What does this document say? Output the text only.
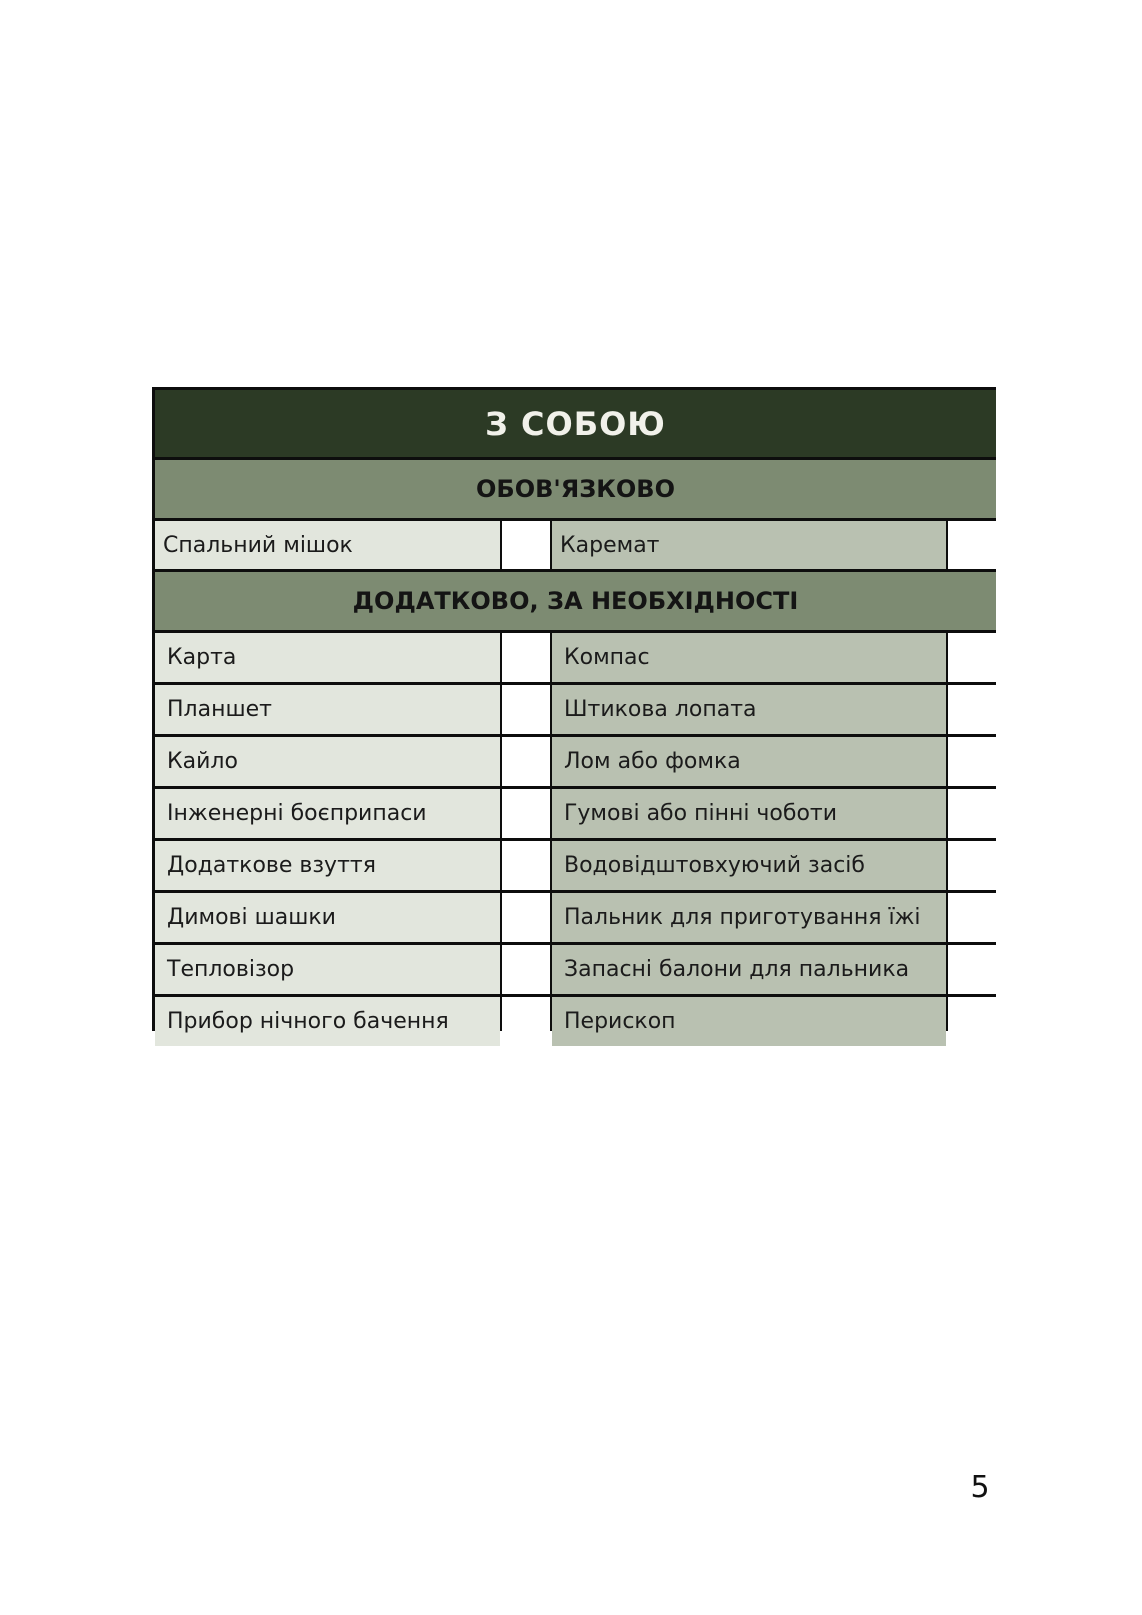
З СОБОЮ
ОБОВ'ЯЗКОВО
Спальний мішок	Каремат
ДОДАТКОВО, ЗА НЕОБХІДНОСТІ
Карта	Компас
Планшет	Штикова лопата
Кайло	Лом або фомка
Інженерні боєприпаси	Гумові або пінні чоботи
Додаткове взуття	Водовідштовхуючий засіб
Димові шашки	Пальник для приготування їжі
Тепловізор	Запасні балони для пальника
Прибор нічного бачення	Перископ
5
